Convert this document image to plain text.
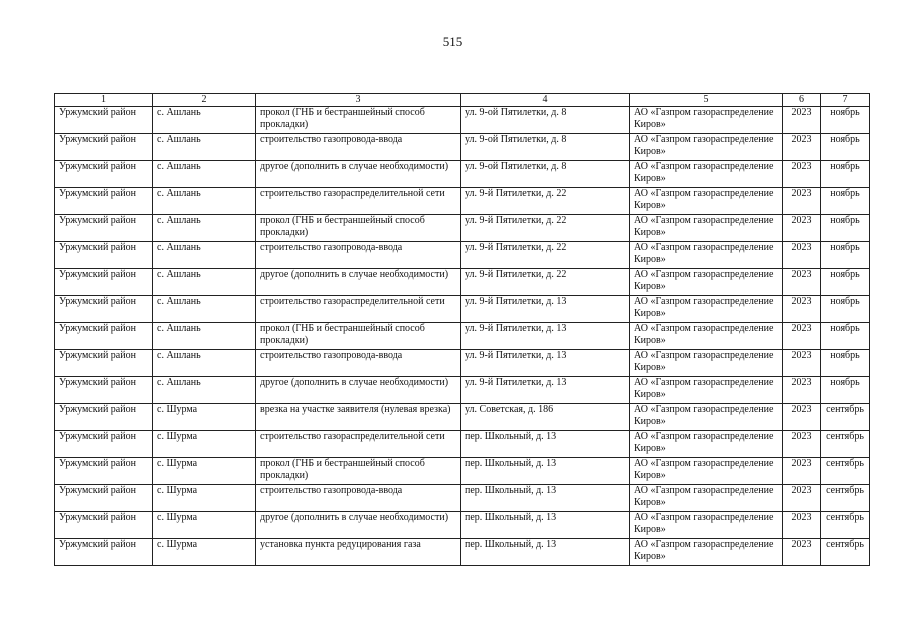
515
1	2	3	4	5	6	7
Уржумский район	с. Ашлань	прокол (ГНБ и бестраншейный способ прокладки)	ул. 9-ой Пятилетки, д. 8	АО «Газпром газораспределение Киров»	2023	ноябрь
Уржумский район	с. Ашлань	строительство газопровода-ввода	ул. 9-ой Пятилетки, д. 8	АО «Газпром газораспределение Киров»	2023	ноябрь
Уржумский район	с. Ашлань	другое (дополнить в случае необходимости)	ул. 9-ой Пятилетки, д. 8	АО «Газпром газораспределение Киров»	2023	ноябрь
Уржумский район	с. Ашлань	строительство газораспределительной сети	ул. 9-й Пятилетки, д. 22	АО «Газпром газораспределение Киров»	2023	ноябрь
Уржумский район	с. Ашлань	прокол (ГНБ и бестраншейный способ прокладки)	ул. 9-й Пятилетки, д. 22	АО «Газпром газораспределение Киров»	2023	ноябрь
Уржумский район	с. Ашлань	строительство газопровода-ввода	ул. 9-й Пятилетки, д. 22	АО «Газпром газораспределение Киров»	2023	ноябрь
Уржумский район	с. Ашлань	другое (дополнить в случае необходимости)	ул. 9-й Пятилетки, д. 22	АО «Газпром газораспределение Киров»	2023	ноябрь
Уржумский район	с. Ашлань	строительство газораспределительной сети	ул. 9-й Пятилетки, д. 13	АО «Газпром газораспределение Киров»	2023	ноябрь
Уржумский район	с. Ашлань	прокол (ГНБ и бестраншейный способ прокладки)	ул. 9-й Пятилетки, д. 13	АО «Газпром газораспределение Киров»	2023	ноябрь
Уржумский район	с. Ашлань	строительство газопровода-ввода	ул. 9-й Пятилетки, д. 13	АО «Газпром газораспределение Киров»	2023	ноябрь
Уржумский район	с. Ашлань	другое (дополнить в случае необходимости)	ул. 9-й Пятилетки, д. 13	АО «Газпром газораспределение Киров»	2023	ноябрь
Уржумский район	с. Шурма	врезка на участке заявителя (нулевая врезка)	ул. Советская, д. 186	АО «Газпром газораспределение Киров»	2023	сентябрь
Уржумский район	с. Шурма	строительство газораспределительной сети	пер. Школьный, д. 13	АО «Газпром газораспределение Киров»	2023	сентябрь
Уржумский район	с. Шурма	прокол (ГНБ и бестраншейный способ прокладки)	пер. Школьный, д. 13	АО «Газпром газораспределение Киров»	2023	сентябрь
Уржумский район	с. Шурма	строительство газопровода-ввода	пер. Школьный, д. 13	АО «Газпром газораспределение Киров»	2023	сентябрь
Уржумский район	с. Шурма	другое (дополнить в случае необходимости)	пер. Школьный, д. 13	АО «Газпром газораспределение Киров»	2023	сентябрь
Уржумский район	с. Шурма	установка пункта редуцирования газа	пер. Школьный, д. 13	АО «Газпром газораспределение Киров»	2023	сентябрь
